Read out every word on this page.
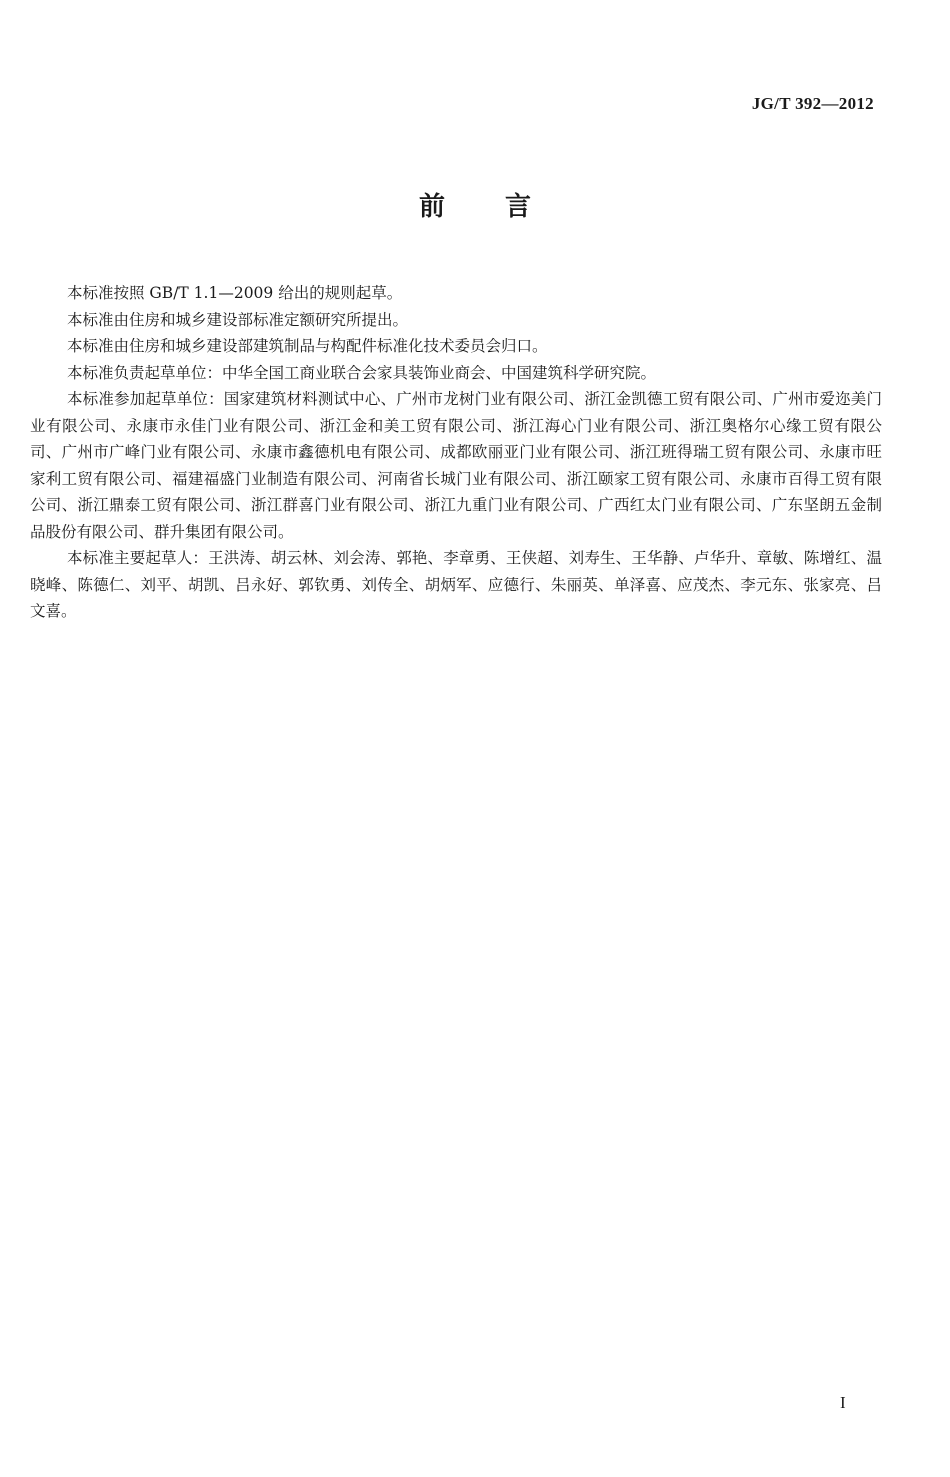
JG/T 392—2012
前言

本标准按照 GB/T 1.1—2009 给出的规则起草。

本标准由住房和城乡建设部标准定额研究所提出。

本标准由住房和城乡建设部建筑制品与构配件标准化技术委员会归口。

本标准负责起草单位：中华全国工商业联合会家具装饰业商会、中国建筑科学研究院。

本标准参加起草单位：国家建筑材料测试中心、广州市龙树门业有限公司、浙江金凯德工贸有限公司、广州市爱迩美门业有限公司、永康市永佳门业有限公司、浙江金和美工贸有限公司、浙江海心门业有限公司、浙江奥格尔心缘工贸有限公司、广州市广峰门业有限公司、永康市鑫德机电有限公司、成都欧丽亚门业有限公司、浙江班得瑞工贸有限公司、永康市旺家利工贸有限公司、福建福盛门业制造有限公司、河南省长城门业有限公司、浙江颐家工贸有限公司、永康市百得工贸有限公司、浙江鼎泰工贸有限公司、浙江群喜门业有限公司、浙江九重门业有限公司、广西红太门业有限公司、广东坚朗五金制品股份有限公司、群升集团有限公司。

本标准主要起草人：王洪涛、胡云林、刘会涛、郭艳、李章勇、王侠超、刘寿生、王华静、卢华升、章敏、陈增红、温晓峰、陈德仁、刘平、胡凯、吕永好、郭钦勇、刘传全、胡炳军、应德行、朱丽英、单泽喜、应茂杰、李元东、张家亮、吕文喜。

I
